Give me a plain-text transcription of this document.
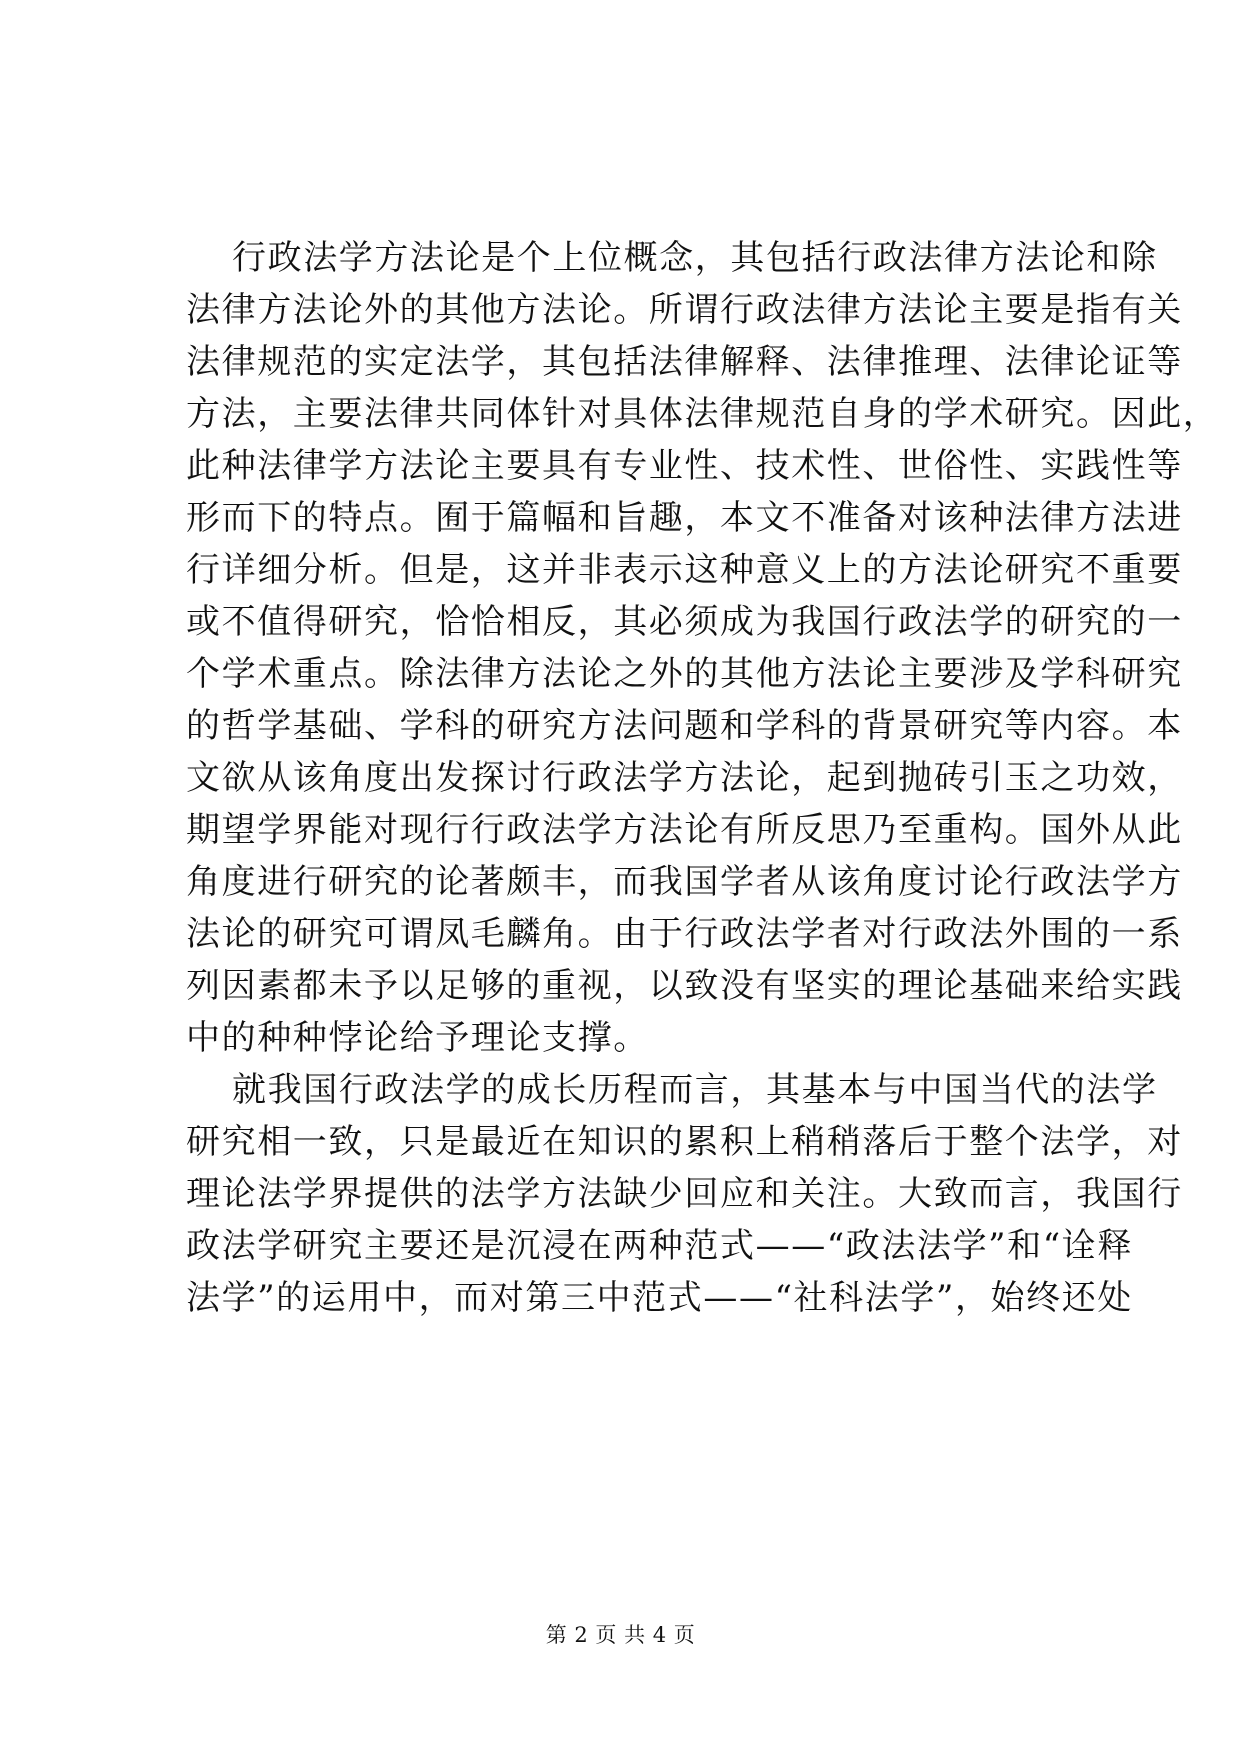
行政法学方法论是个上位概念，其包括行政法律方法论和除
法律方法论外的其他方法论。所谓行政法律方法论主要是指有关
法律规范的实定法学，其包括法律解释、法律推理、法律论证等
方法，主要法律共同体针对具体法律规范自身的学术研究。因此，
此种法律学方法论主要具有专业性、技术性、世俗性、实践性等
形而下的特点。囿于篇幅和旨趣，本文不准备对该种法律方法进
行详细分析。但是，这并非表示这种意义上的方法论研究不重要
或不值得研究，恰恰相反，其必须成为我国行政法学的研究的一
个学术重点。除法律方法论之外的其他方法论主要涉及学科研究
的哲学基础、学科的研究方法问题和学科的背景研究等内容。本
文欲从该角度出发探讨行政法学方法论，起到抛砖引玉之功效，
期望学界能对现行行政法学方法论有所反思乃至重构。国外从此
角度进行研究的论著颇丰，而我国学者从该角度讨论行政法学方
法论的研究可谓凤毛麟角。由于行政法学者对行政法外围的一系
列因素都未予以足够的重视，以致没有坚实的理论基础来给实践
中的种种悖论给予理论支撑。
就我国行政法学的成长历程而言，其基本与中国当代的法学
研究相一致，只是最近在知识的累积上稍稍落后于整个法学，对
理论法学界提供的法学方法缺少回应和关注。大致而言，我国行
政法学研究主要还是沉浸在两种范式——“政法法学”和“诠释
法学”的运用中，而对第三中范式——“社科法学”，始终还处
第 2 页 共 4 页
